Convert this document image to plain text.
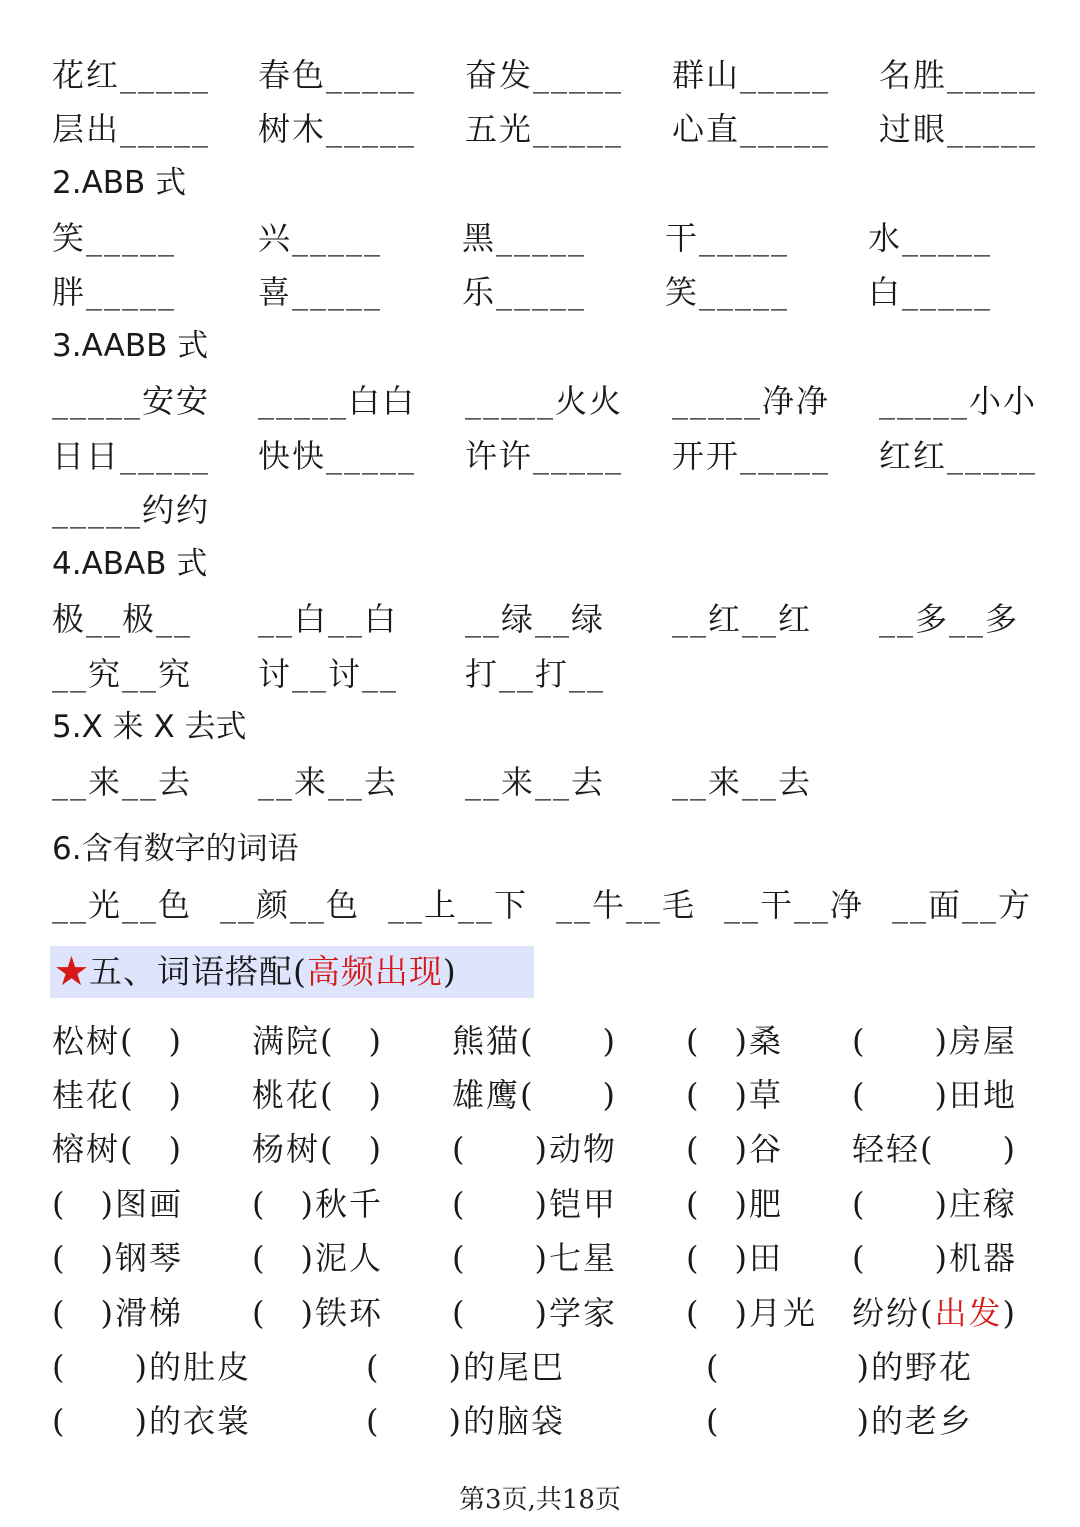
花红_____ 春色_____ 奋发_____ 群山_____ 名胜_____
层出_____ 树木_____ 五光_____ 心直_____ 过眼_____
2.ABB 式
笑_____	兴_____ 黑_____ 干_____ 水_____
胖_____	喜_____ 乐_____ 笑_____ 白_____
3.AABB 式
_____安安 _____白白 _____火火 _____净净 _____小小
日日_____ 快快_____ 许许_____ 开开_____ 红红_____
_____约约
4.ABAB 式
极__极__ __白__白 __绿__绿 __红__红 __多__多
__究__究 讨__讨__ 打__打__
5.X 来 X 去式
__来__去 __来__去 __来__去 __来__去
6.含有数字的词语
__光__色 __颜__色 __上__下 __牛__毛 __干__净 __面__方
★五、词语搭配(高频出现)
松树(　) 满院(　) 熊猫(　　) (　)桑 (　　)房屋
桂花(　) 桃花(　) 雄鹰(　　) (　)草 (　　)田地
榕树(　) 杨树(　) (　　)动物 (　)谷 轻轻(　　)
(　)图画 (　)秋千 (　　)铠甲 (　)肥 (　　)庄稼
(　)钢琴 (　)泥人 (　　)七星 (　)田 (　　)机器
(　)滑梯 (　)铁环 (　　)学家 (　)月光 纷纷(出发)
(　　)的肚皮	(　　)的尾巴	(　　　　)的野花
(　　)的衣裳	(　　)的脑袋	(　　　　)的老乡
第3页,共18页
